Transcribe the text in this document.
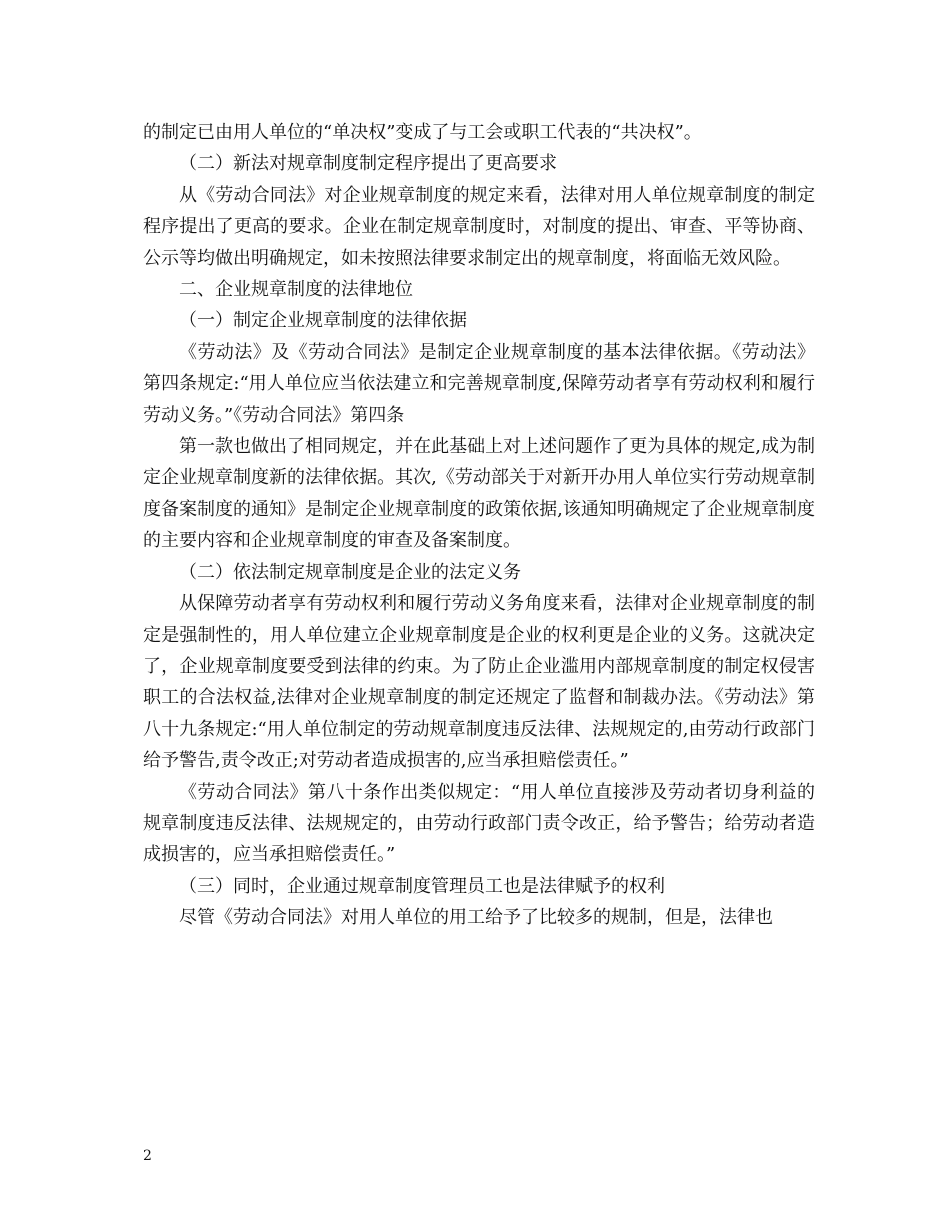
的制定已由用人单位的“单决权”变成了与工会或职工代表的“共决权”。

（二）新法对规章制度制定程序提出了更高要求

从《劳动合同法》对企业规章制度的规定来看，法律对用人单位规章制度的制定程序提出了更高的要求。企业在制定规章制度时，对制度的提出、审查、平等协商、公示等均做出明确规定，如未按照法律要求制定出的规章制度，将面临无效风险。

二、企业规章制度的法律地位

（一）制定企业规章制度的法律依据

《劳动法》及《劳动合同法》是制定企业规章制度的基本法律依据。《劳动法》第四条规定:“用人单位应当依法建立和完善规章制度,保障劳动者享有劳动权利和履行劳动义务。”《劳动合同法》第四条

第一款也做出了相同规定，并在此基础上对上述问题作了更为具体的规定,成为制定企业规章制度新的法律依据。其次,《劳动部关于对新开办用人单位实行劳动规章制度备案制度的通知》是制定企业规章制度的政策依据,该通知明确规定了企业规章制度的主要内容和企业规章制度的审查及备案制度。

（二）依法制定规章制度是企业的法定义务

从保障劳动者享有劳动权利和履行劳动义务角度来看，法律对企业规章制度的制定是强制性的，用人单位建立企业规章制度是企业的权利更是企业的义务。这就决定了，企业规章制度要受到法律的约束。为了防止企业滥用内部规章制度的制定权侵害职工的合法权益,法律对企业规章制度的制定还规定了监督和制裁办法。《劳动法》第八十九条规定:“用人单位制定的劳动规章制度违反法律、法规规定的,由劳动行政部门给予警告,责令改正;对劳动者造成损害的,应当承担赔偿责任。”

《劳动合同法》第八十条作出类似规定：“用人单位直接涉及劳动者切身利益的规章制度违反法律、法规规定的，由劳动行政部门责令改正，给予警告；给劳动者造成损害的，应当承担赔偿责任。”

（三）同时，企业通过规章制度管理员工也是法律赋予的权利

尽管《劳动合同法》对用人单位的用工给予了比较多的规制，但是，法律也

2
